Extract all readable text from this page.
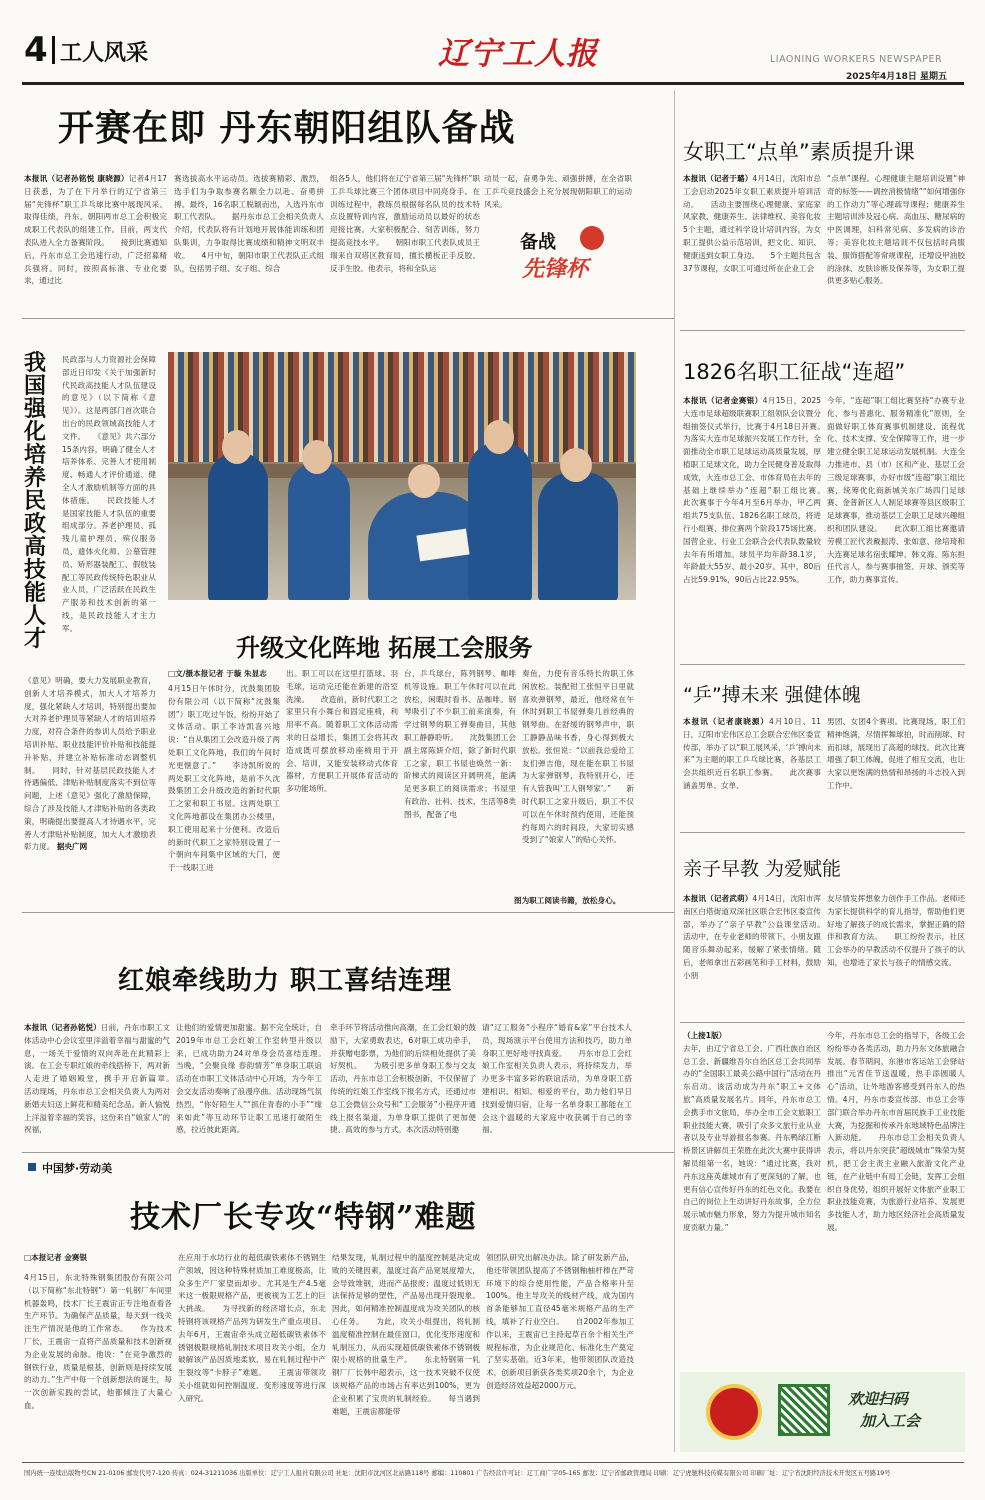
4 工人风采	辽宁工人报	LIAONING WORKERS NEWSPAPER
2025年4月18日 星期五
开赛在即 丹东朝阳组队备战
本报讯（记者孙铭悦 康晓源）记者4月17日获悉，为了在下月举行的辽宁省第三届“先锋杯”职工乒乓球比赛中展现风采、取得佳绩，丹东、朝阳两市总工会积极完成职工代表队的组建工作。目前，两支代表队进入全力备赛阶段。　　接到比赛通知后，丹东市总工会迅速行动，广泛招募精兵强将。同时，按照高标准、专业化要求，通过比
赛选拔高水平运动员。选拔赛精彩、激烈，选手们为争取参赛名额全力以赴、奋勇拼搏。最终，16名职工脱颖而出，入选丹东市职工代表队。　　据丹东市总工会相关负责人介绍，代表队将有计划地开展体能训练和团队集训，力争取得比赛成绩和精神文明双丰收。　　4月中旬，朝阳市职工代表队正式组队，包括男子组、女子组、综合
组各5人，他们将在辽宁省第三届“先锋杯”职工乒乓球比赛三个团体项目中同亮身手。在训练过程中，教练员根据每名队员的技术特点设置特训内容，激励运动员以最好的状态迎接比赛。大家积极配合、刻苦训练，努力提高竞技水平。　　朝阳市职工代表队成员王瑞来自双塔区教育局，擅长横板正手反胶、反手生胶。他表示，将和全队运
动员一起，奋勇争先、顽强拼搏，在全省职工乒乓竞技盛会上充分展现朝阳职工的运动风采。
备战
先锋杯
女职工“点单”素质提升课
本报讯（记者于璐）4月14日，沈阳市总工会启动2025年女职工素质提升培训活动。　　活动主要围绕心理健康、家庭家风家教、健康养生、法律维权、美容化妆5个主题，通过科学设计培训内容，为女职工提供公益示范培训，把文化、知识、健康送到女职工身边。　　5个主题共包含37节课程，女职工可通过所在企业工会
“点单”课程。心理健康主题培训设置“神奇的标签——调控消极情绪”“如何增强你的工作动力”等心理疏导课程；健康养生主题培训涉及冠心病、高血压、糖尿病的中医调理，妇科常见病、多发病的诊治等；美容化妆主题培训不仅包括时尚服装、服饰搭配等常规课程，还增设甲油胶的涂抹、皮肤诊断及保养等，为女职工提供更多贴心服务。
我国强化培养民政高技能人才
民政部与人力资源社会保障部近日印发《关于加强新时代民政高技能人才队伍建设的意见》（以下简称《意见》）。这是两部门首次联合出台的民政领域高技能人才文件。　　《意见》共六部分15条内容，明确了健全人才培养体系、完善人才使用制度、畅通人才评价通道、健全人才激励机制等方面的具体措施。　　民政技能人才是国家技能人才队伍的重要组成部分。养老护理员、孤残儿童护理员、殡仪服务员、遗体火化师、公墓管理员、矫形器装配工、假肢装配工等民政传统特色职业从业人员，广泛活跃在民政生产服务和技术创新的第一线，是民政技能人才主力军。
《意见》明确，要大力发展职业教育，创新人才培养模式，加大人才培养力度，强化紧缺人才培训，特别提出要加大对养老护理员等紧缺人才的培训培养力度，对符合条件的参训人员给予职业培训补贴、职业技能评价补贴和技能提升补贴，并建立补贴标准动态调整机制。　　同时，针对基层民政技能人才待遇偏低、津贴补贴制度落实不到位等问题，上述《意见》强化了激励保障，综合了涉及技能人才津贴补贴的各类政策，明确提出要提高人才待遇水平，完善人才津贴补贴制度，加大人才激励表彰力度。 据央广网
升级文化阵地 拓展工会服务
□文/摄本报记者 于璇 朱显志
4月15日午休时分，沈鼓集团股份有限公司（以下简称“沈鼓集团”）职工吃过午饭，纷纷开始了文体活动。职工李诗凯喜兴地说：“自从集团工会改造升级了两处职工文化阵地，我们的午间时光更惬意了。”　　李诗凯所说的两处职工文化阵地，是前不久沈鼓集团工会升级改造的新时代职工之家和职工书屋。这两处职工文化阵地都设在集团办公楼里，职工使用起来十分便利。改造后的新时代职工之家特别设置了一个朝向车间集中区域的大门，便于一线职工进
出。职工可以在这里打篮球、羽毛球，运动完还能在新建的浴室洗澡。　　改造前，新时代职工之家里只有小舞台和固定座椅，利用率不高。随着职工文体活动需求的日益增长，集团工会将其改造成既可摆放移动座椅用于开会、培训，又能安装移动式体育器材，方便职工开展体育活动的多功能场所。
台，乒乓球台，陈列钢琴、咖啡机等设施。职工午休时可以在此放松，闲暇时看书、品咖啡。钢琴吸引了不少职工前来演奏，有学过钢琴的职工弹奏曲目，其他职工静静聆听。　　沈鼓集团工会副主席陈妍介绍，除了新时代职工之家，职工书屋也焕然一新：阶梯式的阅读区开阔明亮，能满足更多职工的阅读需求；书屋里有政治、社科、技术、生活等8类图书，配备了电
奏鱼，力使有音乐特长的职工休闲放松。装配钳工张恒平日里就喜欢弹钢琴，最近，他经常在午休时到职工书屋弹奏几首经典的钢琴曲。在舒缓的钢琴声中，职工静静品味书香，身心得到极大放松。张恒说：“以前我总爱给工友们弹吉他，现在能在职工书屋为大家弹钢琴，我特别开心，还有人管我叫‘工人钢琴家’。”　　新时代职工之家升级后，职工不仅可以在午休时预约使用，还能预约每周六的时间段，大家切实感受到了“娘家人”的贴心关怀。
图为职工阅读书籍，放松身心。
1826名职工征战“连超”
本报讯（记者金赛银）4月15日，2025大连市足球超级联赛职工组领队会议暨分组抽签仪式举行，比赛于4月18日开赛。　　为落实大连市足球振兴发展工作方针，全面推动全市职工足球运动高质量发展，厚植职工足球文化，助力全民健身普及取得成效，大连市总工会、市体育局在去年的基础上继续举办“连超”职工组比赛。　　此次赛事于今年4月至6月举办，甲乙两组共75支队伍、1826名职工球员，将进行小组赛、排位赛两个阶段175场比赛。国营企业、行业工会联合会代表队数量较去年有所增加。球员平均年龄38.1岁，年龄最大55岁、最小20岁。其中，80后占比59.91%，90后占比22.95%。
今年，“连超”职工组比赛坚持“办赛专业化、参与普惠化、服务精准化”原则，全面做好职工体育赛事机制建设、流程优化、技术支撑、安全保障等工作，进一步建立健全职工足球运动发展机制。大连全力推进市、县（市）区和产业、基层工会三级足球赛事，办好市级“连超”职工组比赛，统筹优化商新城关东广场四门足球赛、金普新区人人制足球赛等县区级职工足球赛事，推动基层工会职工足球兴趣组织和团队建设。　　此次职工组比赛邀请劳模工匠代表戴振涛、张如意、徐培琦和大连赛足球名宿张耀坤、韩文海、陈东担任代言人，参与赛事抽签、开球、颁奖等工作，助力赛事宣传。
“乒”搏未来 强健体魄
本报讯（记者康晓源）4月10日、11日，辽阳市宏伟区总工会联合宏伟区委宣传部，举办了以“职工展风采，‘乒’搏向未来”为主题的职工乒乓球比赛，各基层工会共组织近百名职工参赛。　　此次赛事涵盖男单、女单、
男团、女团4个赛项。比赛现场，职工们精神饱满，尽情挥舞球拍，时而削球、时而扣球，展现出了高超的球技。此次比赛增强了职工体魄，促进了相互交流，也让大家以更饱满的热情和昂扬的斗志投入到工作中。
亲子早教 为爱赋能
本报讯（记者武萌）4月14日，沈阳市浑南区白塔街道双深社区联合宏伟区委宣传部，举办了“亲子早教”公益课堂活动。　　活动中，在专业老师的带领下，小朋友跟随音乐舞动起来，缓解了紧张情绪。随后，老师拿出五彩画笔和手工材料，鼓励小朋
友尽情发挥想象力创作手工作品。老师还为家长提供科学的育儿指导，帮助他们更好地了解孩子的成长需求，掌握正确的陪伴和教育方法。　　职工纷纷表示，社区工会举办的早教活动不仅提升了孩子的认知，也增进了家长与孩子的情感交流。
红娘牵线助力 职工喜结连理
本报讯（记者孙铭悦）日前，丹东市职工文体活动中心会议室里洋溢着幸福与甜蜜的气息，一场关于爱情的双向奔赴在此精彩上演。在工会专职红娘的牵线搭桥下，两对新人走进了婚姻殿堂，携手开启新篇章。　　活动现场，丹东市总工会相关负责人为两对新婚夫妇送上鲜花和精美纪念品。新人愉悦上洋溢着幸福的笑容，这份来自“娘家人”的祝福，
让他们的爱情更加甜蜜。据不完全统计，自2019年市总工会红娘工作室转型升级以来，已成功助力24对单身会员喜结连理。　　当晚，“会聚良缘 春韵情芳”单身职工联谊活动在市职工文体活动中心开场，为今年工会交友活动奏响了浪漫序曲。活动现场气氛热烈，“你好陌生人”“抓住青春的小手”“缘来如此”等互动环节让职工迅速打破陌生感，拉近彼此距离。
牵手环节将活动推向高潮，在工会红娘的鼓励下，大家勇敢表达，6对职工成功牵手，并获赠电影票，为他们的后续相处提供了美好契机。　　为吸引更多单身职工参与交友活动，丹东市总工会积极创新，不仅保留了传统的红娘工作室线下报名方式，还通过市总工会微信公众号和“工会服务”小程序开通线上报名渠道，为单身职工提供了更加便捷、高效的参与方式。本次活动特别邀
请“辽工服务”小程序“婚育&家”平台技术人员，现场演示平台使用方法和技巧，助力单身职工更好地寻找真爱。　　丹东市总工会红娘工作室相关负责人表示，将持续发力，举办更多丰富多彩的联谊活动，为单身职工搭建相识、相知、相爱的平台，助力他们早日找到爱情归宿，让每一名单身职工都能在工会这个温暖的大家庭中收获属于自己的幸福。
中国梦·劳动美
技术厂长专攻“特钢”难题
□本报记者 金赛银
4月15日，东北特殊钢集团股份有限公司（以下简称“东北特钢”）第一轧钢厂车间里机器轰鸣，技术厂长王震宙正专注地查看各生产环节。为确保产品质量，每天到一线关注生产情况是他的工作常态。　　作为技术厂长，王震宙一直将产品质量和技术创新视为企业发展的命脉。他说：“在竞争激烈的钢铁行业，质量是根基，创新则是持续发展的动力。”生产中每一个创新想法的诞生，每一次创新实践的尝试，他都倾注了大量心血。
在应用于水坊行业的超低碳铁素体不锈钢生产领域，因这种特殊材质加工难度极高，让众多生产厂家望而却步。尤其是生产4.5毫米这一极限规格产品，更被视为工艺上的巨大挑战。　　为寻找新的经济增长点，东北特钢将该规格产品列为研发生产重点项目。去年6月，王震宙牵头成立超低碳铁素体不锈钢极限规格轧制技术项目攻关小组，全力破解该产品因质地柔软、易在轧制过程中产生裂纹等“卡脖子”难题。　　王震宙带领攻关小组就如何控制温度、变形速度等进行深入研究。
结果发现，轧制过程中的温度控制是决定成败的关键因素，温度过高产品宽展度增大，会导致堆钢，进而产品报废；温度过低则无法保持足够的塑性，产品易出现开裂现象。因此，如何精准控制温度成为攻关团队的核心任务。　　为此，攻关小组提出，将轧制温度精准控制在最佳窗口，优化变形速度和轧制压力，从而实现超低碳铁素体不锈钢极限小规格的批量生产。　　东北特钢第一轧钢厂厂长韩中超表示，这一技术突破不仅使该规格产品的市场占有率达到100%，更为企业积累了宝贵的轧制经验。　　每当遇到难题，王震宙都能带
领团队研究出解决办法。除了研发新产品，他还带领团队提高了不锈钢釉柚杆棒在严苛环境下的综合使用性能，产品合格率升至100%。他主导攻关的线材产线，成为国内首条能够加工直径45毫米规格产品的生产线，填补了行业空白。　　自2002年参加工作以来，王震宙已主持起草百余个相关生产规程标准，为企业规范化、标准化生产奠定了坚实基础。近3年来，他带领团队改造技术，创新项目新获各类奖项20余个，为企业创造经济效益超2000万元。
（上接1版）
去年，由辽宁省总工会、广西壮族自治区总工会、新疆维吾尔自治区总工会共同举办的“全国职工最美公路中国行”活动在丹东启动。该活动成为丹东“职工+文体旅”高质量发展名片。同年，丹东市总工会携手市文旅局，举办全市工会文旅职工职业技能大赛，吸引了众多文旅行业从业者以及专业导游报名参赛。丹东鸭绿江断桥景区讲解员王荣胜在此次大赛中获得讲解员组第一名，她说：“通过比赛，我对丹东这座英雄城市有了更深刻的了解，也更有信心宣传好丹东的红色文化。我要在自己的岗位上生动讲好丹东故事，全方位展示城市魅力形象，努力为提升城市知名度贡献力量。”
今年，丹东市总工会的指导下，各级工会纷纷举办各类活动，助力丹东文体旅融合发展。春节期间，东港市客运站工会驿站推出“元宵佳节送温暖，热手添圆暖人心”活动，让外地游客感受到丹东人的热情。4月，丹东市委宣传部、市总工会等部门联合举办丹东市首届民族手工业技能大赛，为挖掘和传承丹东地域特色品牌注入新动能。　　丹东市总工会相关负责人表示，将以丹东突获“超级城市”殊荣为契机，把工会主责主业融入旅游文化产业链，在产业链中有局工会链，发挥工会组织自身优势，组织开展好文体旅产业职工职业技能竞赛，为旅游行业培养、发展更多技能人才，助力地区经济社会高质量发展。
欢迎扫码
加入工会
国内统一连续出版物号CN 21-0106 邮发代号7-120 传真：024-31211036 出版单位：辽宁工人报社有限公司 社址：沈阳市沈河区北站路118号 邮编：110801 广告经营许可证：辽工商广字05-165 邮发：辽宁省邮政管理局 印刷：辽宁虎驰科技传媒有限公司 印刷厂址：辽宁省沈阳经济技术开发区五号路19号
